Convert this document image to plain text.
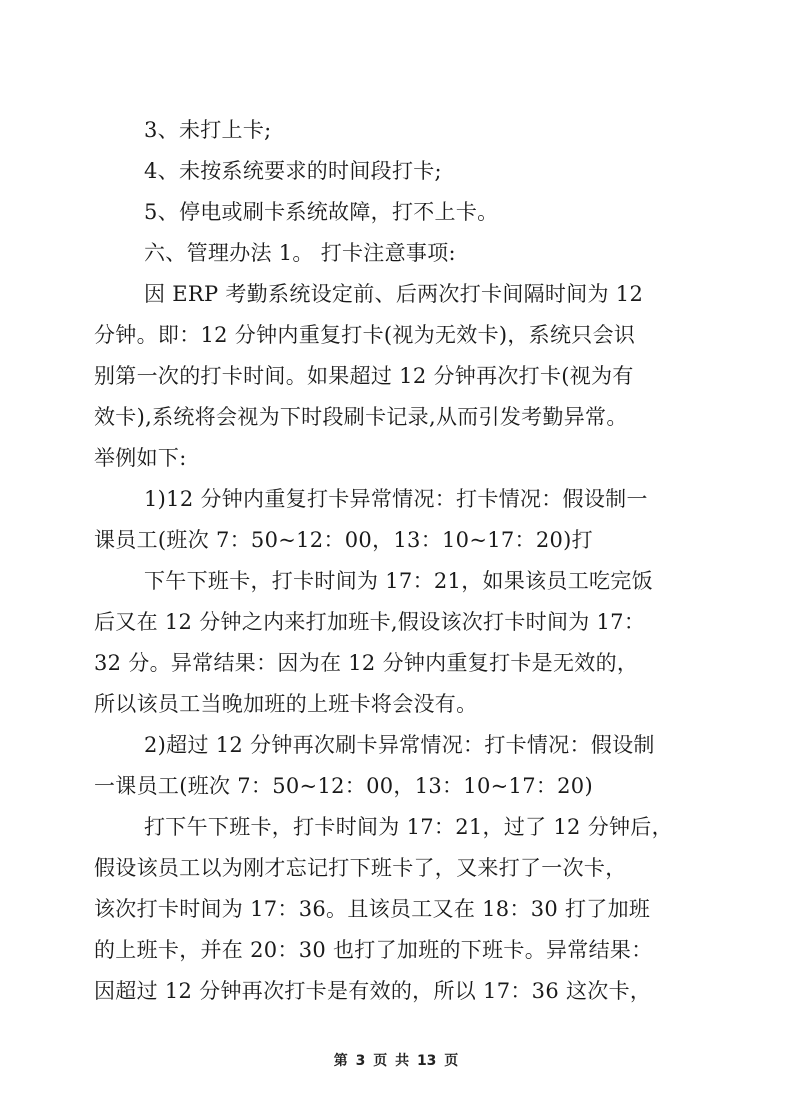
3、未打上卡;
4、未按系统要求的时间段打卡;
5、停电或刷卡系统故障，打不上卡。
六、管理办法 1。 打卡注意事项:
因 ERP 考勤系统设定前、后两次打卡间隔时间为 12
分钟。即：12 分钟内重复打卡(视为无效卡)，系统只会识
别第一次的打卡时间。如果超过 12 分钟再次打卡(视为有
效卡),系统将会视为下时段刷卡记录,从而引发考勤异常。
举例如下:
1)12 分钟内重复打卡异常情况：打卡情况：假设制一
课员工(班次 7：50~12：00，13：10~17：20)打
下午下班卡，打卡时间为 17：21，如果该员工吃完饭
后又在 12 分钟之内来打加班卡,假设该次打卡时间为 17：
32 分。异常结果：因为在 12 分钟内重复打卡是无效的，
所以该员工当晚加班的上班卡将会没有。
2)超过 12 分钟再次刷卡异常情况：打卡情况：假设制
一课员工(班次 7：50~12：00，13：10~17：20)
打下午下班卡，打卡时间为 17：21，过了 12 分钟后，
假设该员工以为刚才忘记打下班卡了，又来打了一次卡，
该次打卡时间为 17：36。且该员工又在 18：30 打了加班
的上班卡，并在 20：30 也打了加班的下班卡。异常结果：
因超过 12 分钟再次打卡是有效的，所以 17：36 这次卡，
第 3 页 共 13 页
